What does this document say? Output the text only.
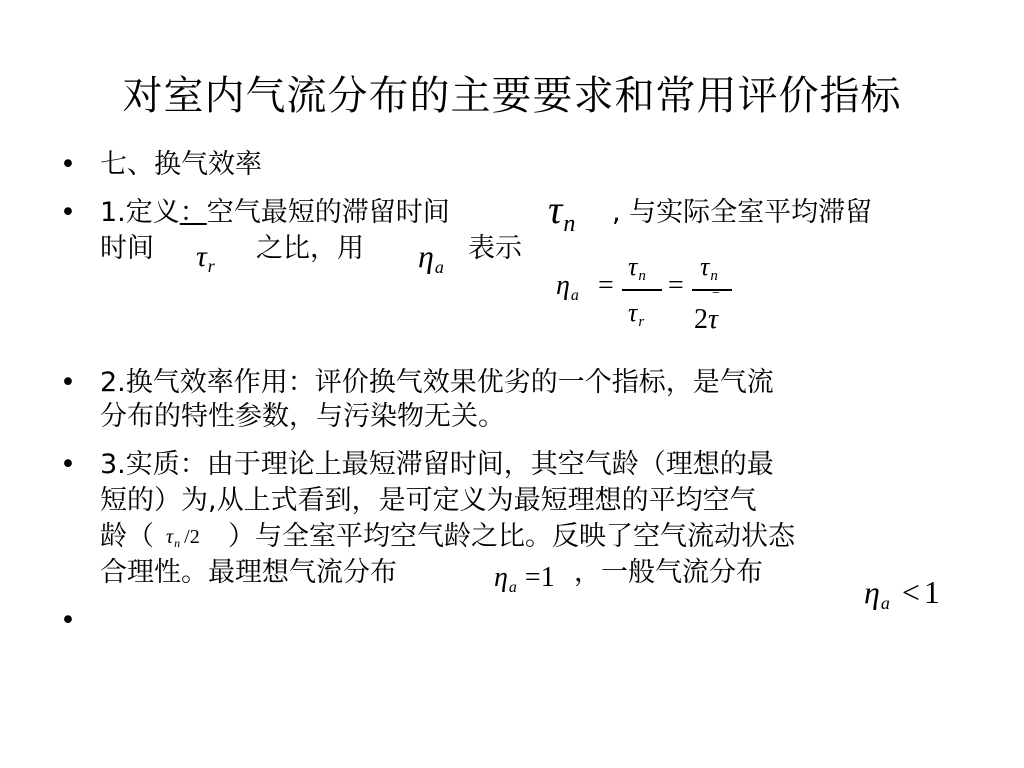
对室内气流分布的主要要求和常用评价指标
• 七、换气效率
• 1.定义：空气最短的滞留时间 $\tau_n$ , 与实际全室平均滞留
时间 $\tau_r$
之比，用 ηa
表示
ηa =
$\tau_n$
$\tau_r$
=
$\tau_n$
−
2τ
• 2.换气效率作用：评价换气效果优劣的一个指标，是气流
分布的特性参数，与污染物无关。
• 3.实质：由于理论上最短滞留时间，其空气龄（理想的最
短的）为,从上式看到，是可定义为最短理想的平均空气
龄（ $\tau_n$ /2 ）与全室平均空气龄之比。反映了空气流动状态
合理性。最理想气流分布	ηa =1 ，一般气流分布
ηa < 1
•
